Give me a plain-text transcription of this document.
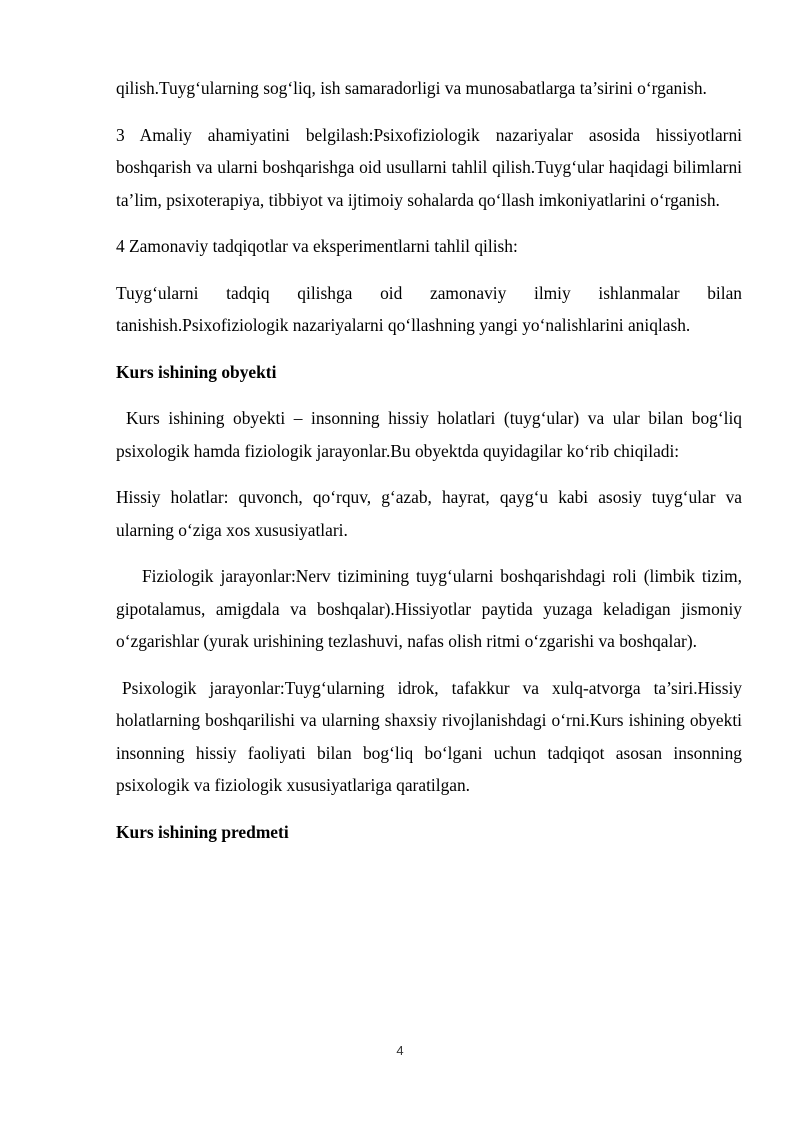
qilish.Tuyg‘ularning sog‘liq, ish samaradorligi va munosabatlarga ta’sirini o‘rganish.

3 Amaliy ahamiyatini belgilash:Psixofiziologik nazariyalar asosida hissiyotlarni boshqarish va ularni boshqarishga oid usullarni tahlil qilish.Tuyg‘ular haqidagi bilimlarni ta’lim, psixoterapiya, tibbiyot va ijtimoiy sohalarda qo‘llash imkoniyatlarini o‘rganish.

4 Zamonaviy tadqiqotlar va eksperimentlarni tahlil qilish:

Tuyg‘ularni tadqiq qilishga oid zamonaviy ilmiy ishlanmalar bilan tanishish.Psixofiziologik nazariyalarni qo‘llashning yangi yo‘nalishlarini aniqlash.

Kurs ishining obyekti

Kurs ishining obyekti – insonning hissiy holatlari (tuyg‘ular) va ular bilan bog‘liq psixologik hamda fiziologik jarayonlar.Bu obyektda quyidagilar ko‘rib chiqiladi:

Hissiy holatlar: quvonch, qo‘rquv, g‘azab, hayrat, qayg‘u kabi asosiy tuyg‘ular va ularning o‘ziga xos xususiyatlari.

Fiziologik jarayonlar:Nerv tizimining tuyg‘ularni boshqarishdagi roli (limbik tizim, gipotalamus, amigdala va boshqalar).Hissiyotlar paytida yuzaga keladigan jismoniy o‘zgarishlar (yurak urishining tezlashuvi, nafas olish ritmi o‘zgarishi va boshqalar).

Psixologik jarayonlar:Tuyg‘ularning idrok, tafakkur va xulq-atvorga ta’siri.Hissiy holatlarning boshqarilishi va ularning shaxsiy rivojlanishdagi o‘rni.Kurs ishining obyekti insonning hissiy faoliyati bilan bog‘liq bo‘lgani uchun tadqiqot asosan insonning psixologik va fiziologik xususiyatlariga qaratilgan.

Kurs ishining predmeti

4
